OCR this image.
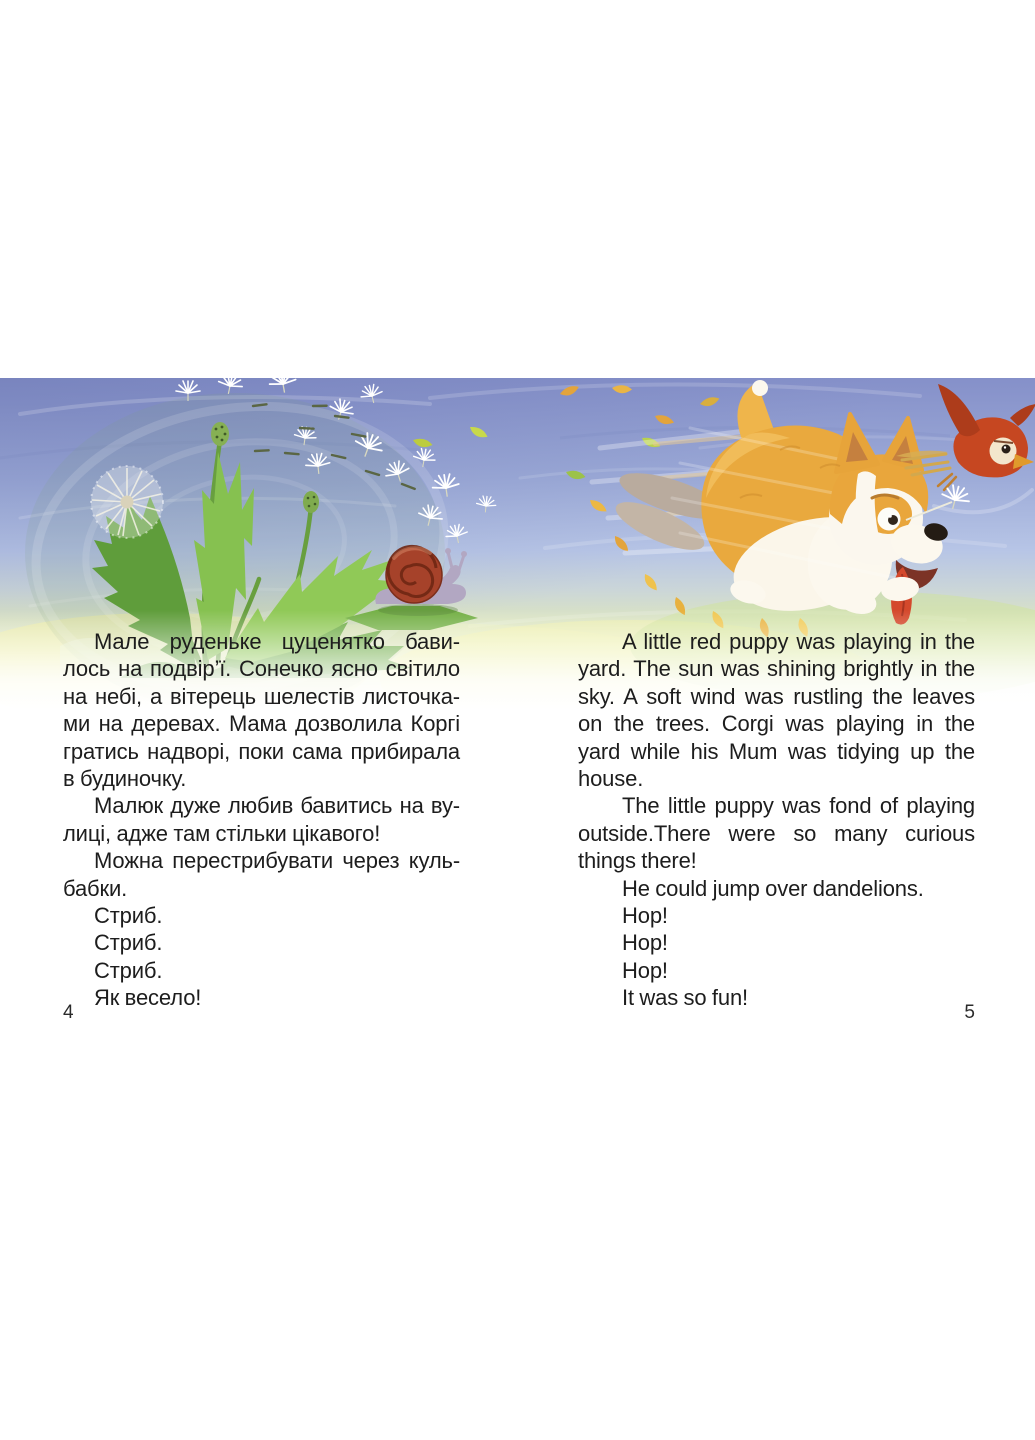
Мале руденьке цуценятко бави-
лось на подвір’ї. Сонечко ясно світило
на небі, а вітерець шелестів листочка-
ми на деревах. Мама дозволила Коргі
гратись надворі, поки сама прибирала
в будиночку.
Малюк дуже любив бавитись на ву-
лиці, адже там стільки цікавого!
Можна перестрибувати через куль-
бабки.
Стриб.
Стриб.
Стриб.
Як весело!
A little red puppy was playing in the
yard. The sun was shining brightly in the
sky. A soft wind was rustling the leaves
on the trees. Corgi was playing in the
yard while his Mum was tidying up the
house.
The little puppy was fond of playing
outside.There were so many curious
things there!
He could jump over dandelions.
Hop!
Hop!
Hop!
It was so fun!
4	5
